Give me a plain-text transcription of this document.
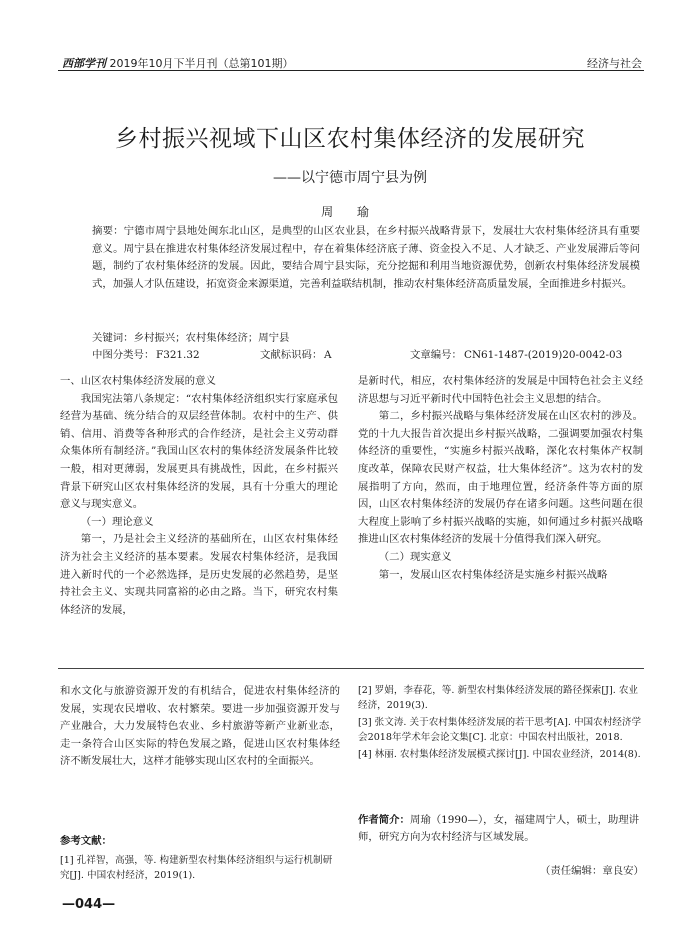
西部学刊 2019年10月下半月刊（总第101期）	经济与社会
乡村振兴视域下山区农村集体经济的发展研究
——以宁德市周宁县为例
周 瑜
摘要：宁德市周宁县地处闽东北山区，是典型的山区农业县，在乡村振兴战略背景下，发展壮大农村集体经济具有重要意义。周宁县在推进农村集体经济发展过程中，存在着集体经济底子薄、资金投入不足、人才缺乏、产业发展滞后等问题，制约了农村集体经济的发展。因此，要结合周宁县实际，充分挖掘和利用当地资源优势，创新农村集体经济发展模式，加强人才队伍建设，拓宽资金来源渠道，完善利益联结机制，推动农村集体经济高质量发展，全面推进乡村振兴。
关键词：乡村振兴；农村集体经济；周宁县
中图分类号： F321.32	文献标识码： A	文章编号： CN61-1487-(2019)20-0042-03

一、山区农村集体经济发展的意义

我国宪法第八条规定：“农村集体经济组织实行家庭承包经营为基础、统分结合的双层经营体制。农村中的生产、供销、信用、消费等各种形式的合作经济，是社会主义劳动群众集体所有制经济。”我国山区农村的集体经济发展条件比较一般，相对更薄弱，发展更具有挑战性，因此，在乡村振兴背景下研究山区农村集体经济的发展，具有十分重大的理论意义与现实意义。

（一）理论意义

第一，乃是社会主义经济的基础所在，山区农村集体经济为社会主义经济的基本要素。发展农村集体经济，是我国进入新时代的一个必然选择，是历史发展的必然趋势，是坚持社会主义、实现共同富裕的必由之路。当下，研究农村集体经济的发展，

是新时代，相应，农村集体经济的发展是中国特色社会主义经济思想与习近平新时代中国特色社会主义思想的结合。

第二，乡村振兴战略与集体经济发展在山区农村的涉及。党的十九大报告首次提出乡村振兴战略，二强调要加强农村集体经济的重要性，“实施乡村振兴战略，深化农村集体产权制度改革，保障农民财产权益，壮大集体经济”。这为农村的发展指明了方向，然而，由于地理位置，经济条件等方面的原因，山区农村集体经济的发展仍存在诸多问题。这些问题在很大程度上影响了乡村振兴战略的实施，如何通过乡村振兴战略推进山区农村集体经济的发展十分值得我们深入研究。

（二）现实意义

第一，发展山区农村集体经济是实施乡村振兴战略

和水文化与旅游资源开发的有机结合，促进农村集体经济的发展，实现农民增收、农村繁荣。要进一步加强资源开发与产业融合，大力发展特色农业、乡村旅游等新产业新业态，走一条符合山区实际的特色发展之路，促进山区农村集体经济不断发展壮大，这样才能够实现山区农村的全面振兴。

参考文献：

[1] 孔祥智，高强，等. 构建新型农村集体经济组织与运行机制研究[J]. 中国农村经济，2019(1).

[2] 罗娟，李春花，等. 新型农村集体经济发展的路径探索[J]. 农业经济，2019(3).

[3] 张文涛. 关于农村集体经济发展的若干思考[A]. 中国农村经济学会2018年学术年会论文集[C]. 北京：中国农村出版社，2018.

[4] 林丽. 农村集体经济发展模式探讨[J]. 中国农业经济，2014(8).

作者简介：周瑜（1990—），女，福建周宁人，硕士，助理讲师，研究方向为农村经济与区域发展。
（责任编辑：章良安）
—044—
